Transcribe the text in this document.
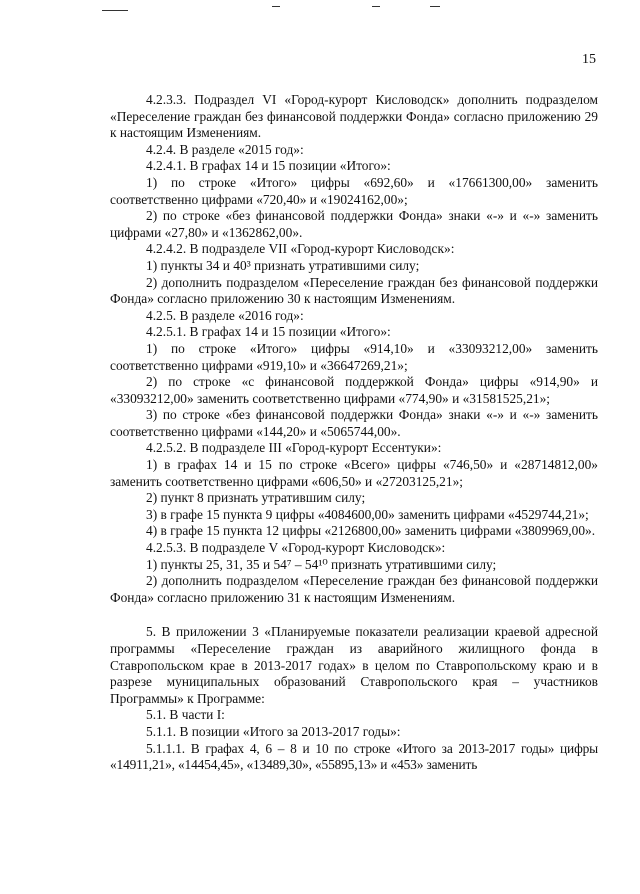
15

4.2.3.3. Подраздел VI «Город-курорт Кисловодск» дополнить подразделом «Переселение граждан без финансовой поддержки Фонда» согласно приложению 29 к настоящим Изменениям.

4.2.4. В разделе «2015 год»:

4.2.4.1. В графах 14 и 15 позиции «Итого»:

1) по строке «Итого» цифры «692,60» и «17661300,00» заменить соответственно цифрами «720,40» и «19024162,00»;

2) по строке «без финансовой поддержки Фонда» знаки «-» и «-» заменить цифрами «27,80» и «1362862,00».

4.2.4.2. В подразделе VII «Город-курорт Кисловодск»:

1) пункты 34 и 40³ признать утратившими силу;

2) дополнить подразделом «Переселение граждан без финансовой поддержки Фонда» согласно приложению 30 к настоящим Изменениям.

4.2.5. В разделе «2016 год»:

4.2.5.1. В графах 14 и 15 позиции «Итого»:

1) по строке «Итого» цифры «914,10» и «33093212,00» заменить соответственно цифрами «919,10» и «36647269,21»;

2) по строке «с финансовой поддержкой Фонда» цифры «914,90» и «33093212,00» заменить соответственно цифрами «774,90» и «31581525,21»;

3) по строке «без финансовой поддержки Фонда» знаки «-» и «-» заменить соответственно цифрами «144,20» и «5065744,00».

4.2.5.2. В подразделе III «Город-курорт Ессентуки»:

1) в графах 14 и 15 по строке «Всего» цифры «746,50» и «28714812,00» заменить соответственно цифрами «606,50» и «27203125,21»;

2) пункт 8 признать утратившим силу;

3) в графе 15 пункта 9 цифры «4084600,00» заменить цифрами «4529744,21»;

4) в графе 15 пункта 12 цифры «2126800,00» заменить цифрами «3809969,00».

4.2.5.3. В подразделе V «Город-курорт Кисловодск»:

1) пункты 25, 31, 35 и 54⁷ – 54¹⁰ признать утратившими силу;

2) дополнить подразделом «Переселение граждан без финансовой поддержки Фонда» согласно приложению 31 к настоящим Изменениям.

5. В приложении 3 «Планируемые показатели реализации краевой адресной программы «Переселение граждан из аварийного жилищного фонда в Ставропольском крае в 2013-2017 годах» в целом по Ставропольскому краю и в разрезе муниципальных образований Ставропольского края – участников Программы» к Программе:

5.1. В части I:

5.1.1. В позиции «Итого за 2013-2017 годы»:

5.1.1.1. В графах 4, 6 – 8 и 10 по строке «Итого за 2013-2017 годы» цифры «14911,21», «14454,45», «13489,30», «55895,13» и «453» заменить
